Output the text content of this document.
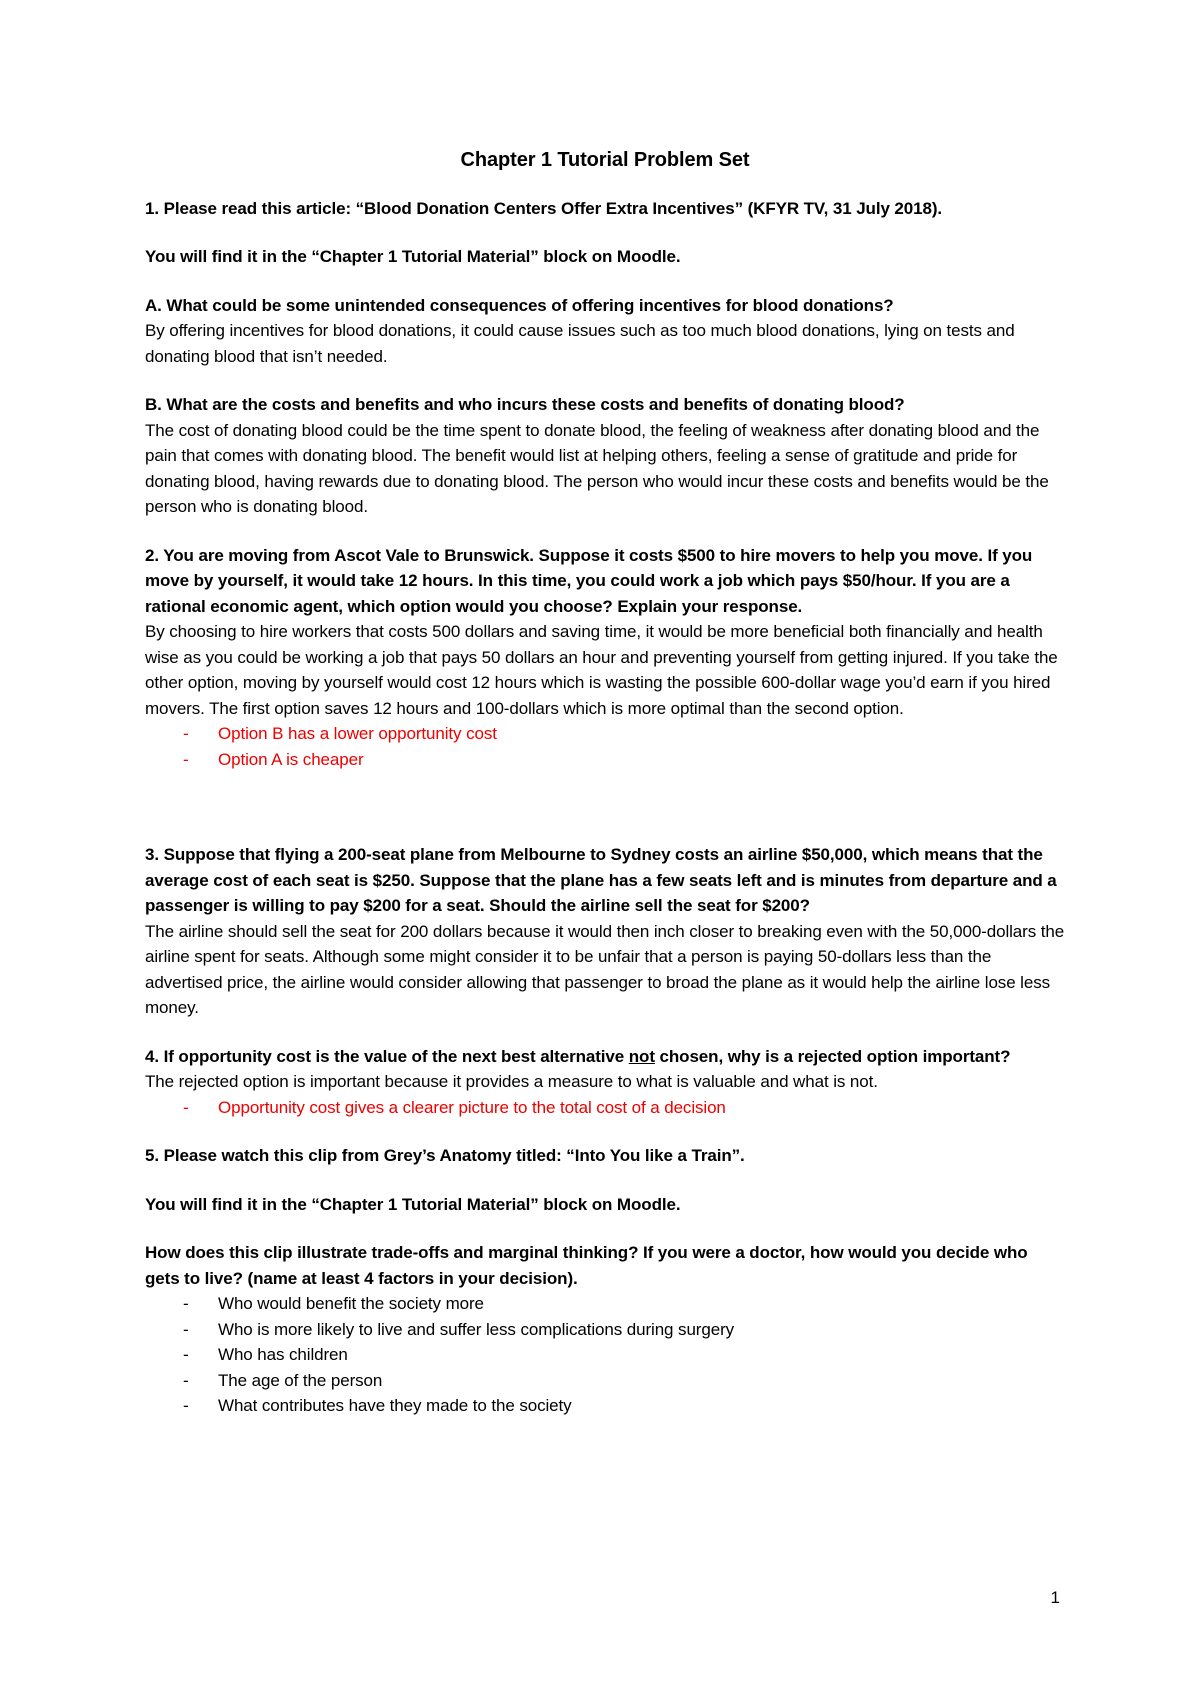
Chapter 1 Tutorial Problem Set

1. Please read this article: “Blood Donation Centers Offer Extra Incentives” (KFYR TV, 31 July 2018).

You will find it in the “Chapter 1 Tutorial Material” block on Moodle.

A. What could be some unintended consequences of offering incentives for blood donations?
By offering incentives for blood donations, it could cause issues such as too much blood donations, lying on tests and donating blood that isn’t needed.

B. What are the costs and benefits and who incurs these costs and benefits of donating blood?
The cost of donating blood could be the time spent to donate blood, the feeling of weakness after donating blood and the pain that comes with donating blood. The benefit would list at helping others, feeling a sense of gratitude and pride for donating blood, having rewards due to donating blood. The person who would incur these costs and benefits would be the person who is donating blood.

2. You are moving from Ascot Vale to Brunswick. Suppose it costs $500 to hire movers to help you move. If you move by yourself, it would take 12 hours. In this time, you could work a job which pays $50/hour. If you are a rational economic agent, which option would you choose? Explain your response.
By choosing to hire workers that costs 500 dollars and saving time, it would be more beneficial both financially and health wise as you could be working a job that pays 50 dollars an hour and preventing yourself from getting injured. If you take the other option, moving by yourself would cost 12 hours which is wasting the possible 600-dollar wage you’d earn if you hired movers. The first option saves 12 hours and 100-dollars which is more optimal than the second option.
- Option B has a lower opportunity cost
- Option A is cheaper

3. Suppose that flying a 200-seat plane from Melbourne to Sydney costs an airline $50,000, which means that the average cost of each seat is $250. Suppose that the plane has a few seats left and is minutes from departure and a passenger is willing to pay $200 for a seat. Should the airline sell the seat for $200?
The airline should sell the seat for 200 dollars because it would then inch closer to breaking even with the 50,000-dollars the airline spent for seats. Although some might consider it to be unfair that a person is paying 50-dollars less than the advertised price, the airline would consider allowing that passenger to broad the plane as it would help the airline lose less money.

4. If opportunity cost is the value of the next best alternative not chosen, why is a rejected option important?
The rejected option is important because it provides a measure to what is valuable and what is not.
- Opportunity cost gives a clearer picture to the total cost of a decision

5. Please watch this clip from Grey’s Anatomy titled: “Into You like a Train”.

You will find it in the “Chapter 1 Tutorial Material” block on Moodle.

How does this clip illustrate trade-offs and marginal thinking? If you were a doctor, how would you decide who gets to live? (name at least 4 factors in your decision).
- Who would benefit the society more
- Who is more likely to live and suffer less complications during surgery
- Who has children
- The age of the person
- What contributes have they made to the society
1
